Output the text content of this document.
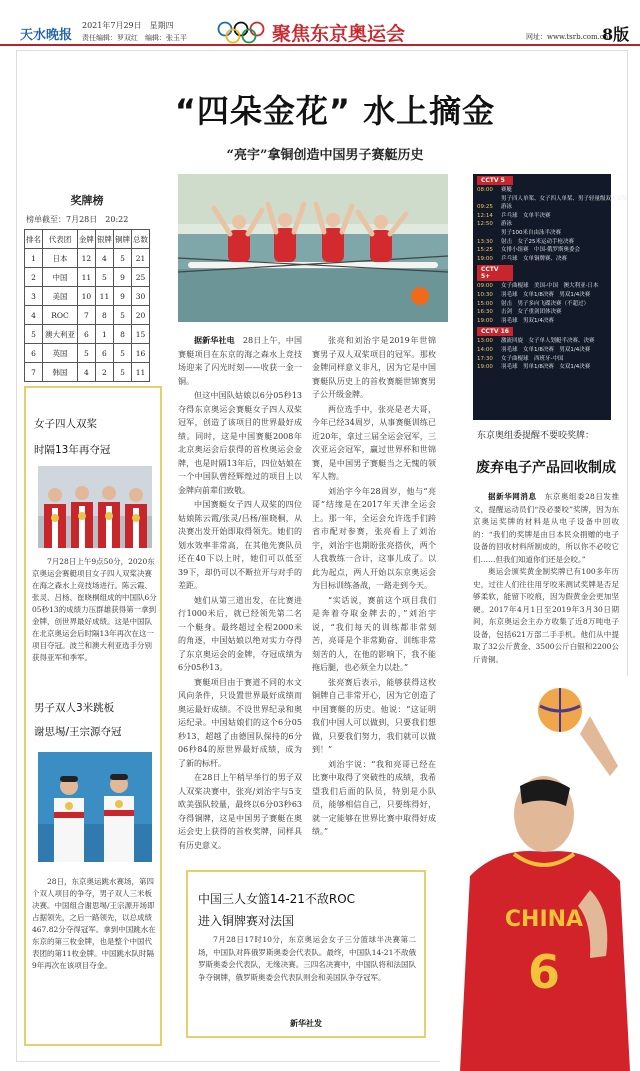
天水晚报
2021年7月29日　星期四
责任编辑：罗双红　编辑：张玉平	聚焦东京奥运会	网址：www.tsrb.com.cn
8版
“四朵金花” 水上摘金
“亮宇”拿铜创造中国男子赛艇历史
奖牌榜
榜单截至：7月28日　20:22
排名	代表团	金牌	银牌	铜牌	总数
1	日本	12	4	5	21
2	中国	11	5	9	25
3	美国	10	11	9	30
4	ROC	7	8	5	20
5	澳大利亚	6	1	8	15
6	英国	5	6	5	16
7	韩国	4	2	5	11
CCTV 5
08:00 赛艇
男子四人单桨、女子四人单桨、男子轻量级双人双桨
09:25 游泳
12:14 乒乓球　女单半决赛
12:50 游泳
男子100米自由泳半决赛
13:30 射击　女子25米运动手枪决赛
15:25 女排小组赛　中国-俄罗斯奥委会
19:00 乒乓球　女单铜牌赛、决赛
CCTV 5+
09:00 女子曲棍球　美国-中国　澳大利亚-日本
10:30 羽毛球　女单1/8决赛　男双1/4决赛
15:00 射击　男子多向飞碟决赛（不超过）
16:30 击剑　女子重剑团体决赛
19:00 羽毛球　男双1/4决赛
CCTV 16
13:00 激流回旋　女子单人划艇半决赛、决赛
14:00 羽毛球　女单1/8决赛　男双1/4决赛
17:30 女子曲棍球　西班牙-中国
19:00 羽毛球　男单1/8决赛　女双1/4决赛
女子四人双桨
时隔13年再夺冠
7月28日上午9点50分，2020东京奥运会赛艇项目女子四人双桨决赛在海之森水上竞技场进行。陈云霞、张灵、吕杨、崔晓桐组成的中国队6分05秒13的成绩力压群雄获得第一拿到金牌，创世界最好成绩。这是中国队在北京奥运会后时隔13年再次在这一项目夺冠。波兰和澳大利亚选手分别获得亚军和季军。
男子双人3米跳板
谢思埸/王宗源夺冠
28日，东京奥运跳水赛场，第四个双人项目的争夺，男子双人三米板决赛。中国组合谢思埸/王宗源开场即占据领先，之后一路领先，以总成绩467.82分夺得冠军。拿到中国跳水在东京的第三枚金牌，也是整个中国代表团的第11枚金牌。中国跳水队时隔9年再次在该项目夺金。

据新华社电　 28日上午，中国赛艇项目在东京的海之森水上竞技场迎来了闪光时刻——收获一金一铜。

但这中国队姑娘以6分05秒13夺得东京奥运会赛艇女子四人双桨冠军，创造了该项目的世界最好成绩。同时，这是中国赛艇2008年北京奥运会后获得的首枚奥运会金牌，也是时隔13年后，四位姑娘在一个中国队曾经辉煌过的项目上以金牌向前辈们致敬。

中国赛艇女子四人双桨的四位姑娘陈云霞/张灵/吕杨/崔晓桐，从决赛出发开始即取得领先。她们的划水效率非常高，在其他先赛队员还在40下以上时，她们可以低至39下，却仍可以不断拉开与对手的差距。

她们从第三道出发，在比赛进行1000米后，就已经领先第二名一个艇身。最终超过全程2000米的角逐，中国姑娘以绝对实力夺得了东京奥运会的金牌，夺冠成绩为6分05秒13。

赛艇项目由于赛道不同的水文风向条件，只设置世界最好成绩而奥运最好成绩。不设世界纪录和奥运纪录。中国姑娘们的这个6分05秒13，超越了由德国队保持的6分06秒84的原世界最好成绩，成为了新的标杆。

在28日上午稍早举行的男子双人双桨决赛中，张亮/刘治宇与5支欧美强队较量，最终以6分03秒63夺得铜牌，这是中国男子赛艇在奥运会史上获得的首枚奖牌，同样具有历史意义。

张亮和刘治宇是2019年世锦赛男子双人双桨项目的冠军。那枚金牌同样意义非凡，因为它是中国赛艇队历史上的首枚赛艇世锦赛男子公开级金牌。

两位选手中，张亮是老大哥，今年已经34周岁，从事赛艇训练已近20年，拿过三届全运会冠军，三次亚运会冠军，赢过世界杯和世锦赛，是中国男子赛艇当之无愧的领军人物。

刘治宇今年28周岁，他与“亮哥”结缘是在2017年天津全运会上。那一年，全运会允许选手们跨省市配对参赛，张亮看上了刘治宇，刘治宇也期盼张亮搭伙，两个人我教练一合计，这事儿成了。以此为起点，两人开始以东京奥运会为目标训练备战，一路走到今天。

“实话说，赛前这个项目我们是奔着夺取金牌去的，”刘治宇说，“我们每天的训练都非常刻苦，亮哥是个非常勤奋、训练非常刻苦的人，在他的影响下，我不能拖后腿，也必须全力以赴。”

张亮赛后表示，能够获得这枚铜牌自己非常开心，因为它创造了中国赛艇的历史。他说：“这证明我们中国人可以做到，只要我们想做，只要我们努力，我们就可以做到！”

刘治宇说：“我和亮哥已经在比赛中取得了突破性的成绩，我希望我们后面的队员，特别是小队员，能够相信自己，只要练得好，就一定能够在世界比赛中取得好成绩。”

东京奥组委提醒不要咬奖牌：
废弃电子产品回收制成

据新华网消息　 东京奥组委28日发推文，提醒运动员们“没必要咬”奖牌，因为东京奥运奖牌的材料是从电子设备中回收的：“我们的奖牌是由日本民众捐赠的电子设备的回收材料所制成的，所以你不必咬它们……但我们知道你们还是会咬。”

奥运会颁奖黄金制奖牌已有100多年历史，过往人们往往用牙咬来测试奖牌是否足够柔软，能留下咬痕，因为假黄金会更加坚硬。2017年4月1日至2019年3月30日期间，东京奥运会主办方收集了近8万吨电子设备，包括621万部二手手机。他们从中提取了32公斤黄金、3500公斤白银和2200公斤青铜。

CHINA
6
中国三人女篮14-21不敌ROC
进入铜牌赛对法国

7月28日17时10分，东京奥运会女子三分篮球半决赛第二场，中国队对阵俄罗斯奥委会代表队。最终，中国队14-21不敌俄罗斯奥委会代表队，无缘决赛。三四名决赛中，中国队将和法国队争夺铜牌，俄罗斯奥委会代表队则会和美国队争夺冠军。

新华社发
